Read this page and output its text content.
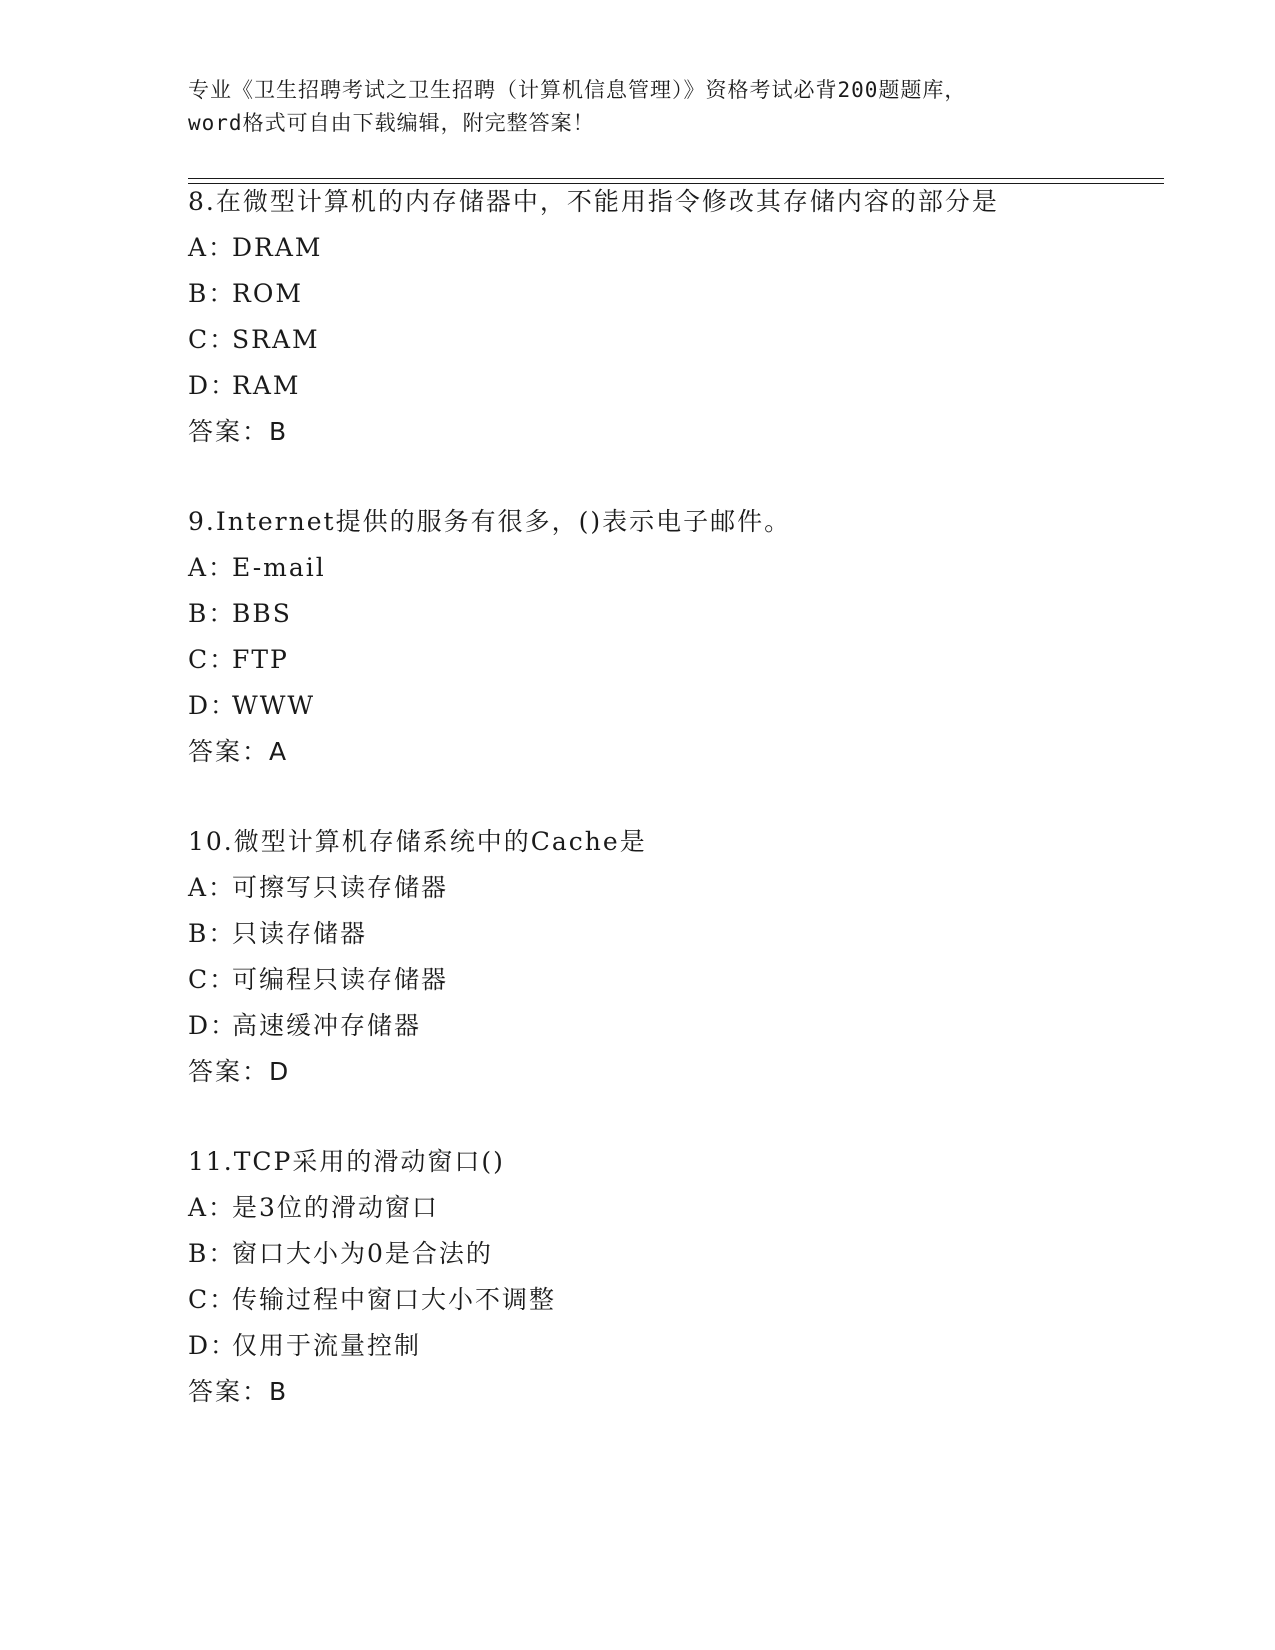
专业《卫生招聘考试之卫生招聘（计算机信息管理）》资格考试必背200题题库，
word格式可自由下载编辑，附完整答案！
8.在微型计算机的内存储器中，不能用指令修改其存储内容的部分是
A：DRAM
B：ROM
C：SRAM
D：RAM
答案：B
9.Internet提供的服务有很多，()表示电子邮件。
A：E-mail
B：BBS
C：FTP
D：WWW
答案：A
10.微型计算机存储系统中的Cache是
A：可擦写只读存储器
B：只读存储器
C：可编程只读存储器
D：高速缓冲存储器
答案：D
11.TCP采用的滑动窗口()
A：是3位的滑动窗口
B：窗口大小为0是合法的
C：传输过程中窗口大小不调整
D：仅用于流量控制
答案：B
